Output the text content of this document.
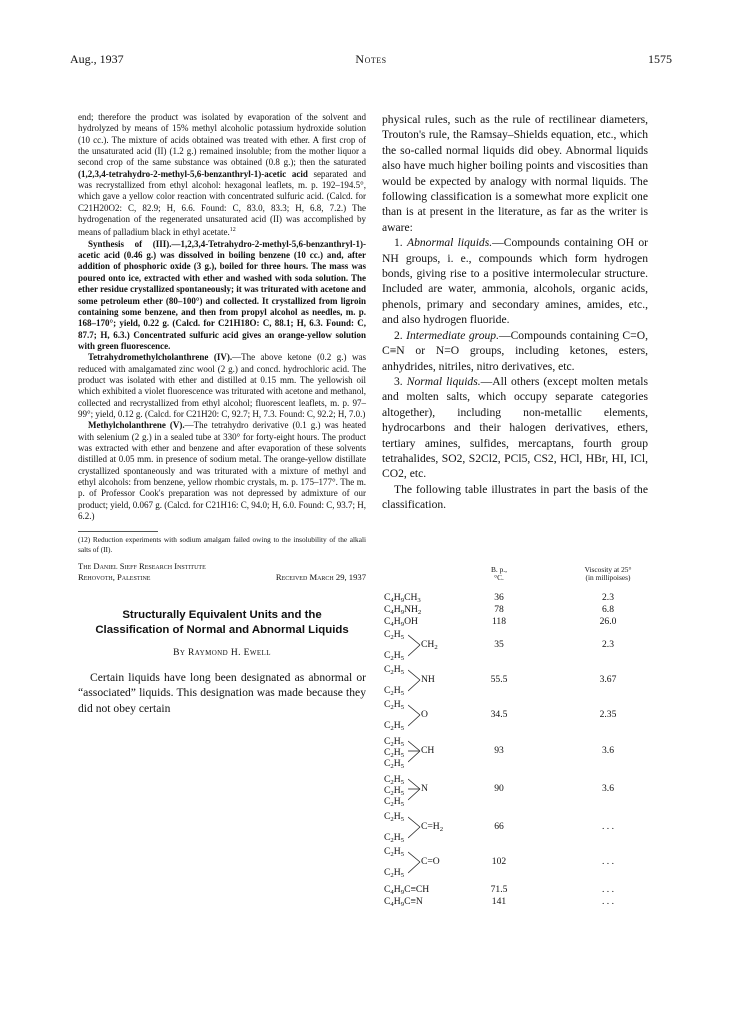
Aug., 1937	Notes	1575

end; therefore the product was isolated by evaporation of the solvent and hydrolyzed by means of 15% methyl alcoholic potassium hydroxide solution (10 cc.). The mixture of acids obtained was treated with ether. A first crop of the unsaturated acid (II) (1.2 g.) remained insoluble; from the mother liquor a second crop of the same substance was obtained (0.8 g.); then the saturated (1,2,3,4-tetrahydro-2-methyl-5,6-benzanthryl-1)-acetic acid separated and was recrystallized from ethyl alcohol: hexagonal leaflets, m. p. 192–194.5°, which gave a yellow color reaction with concentrated sulfuric acid. (Calcd. for C21H20O2: C, 82.9; H, 6.6. Found: C, 83.0, 83.3; H, 6.8, 7.2.) The hydrogenation of the regenerated unsaturated acid (II) was accomplished by means of palladium black in ethyl acetate.$^{12}$

Synthesis of (III).—1,2,3,4-Tetrahydro-2-methyl-5,6-benzanthryl-1)-acetic acid (0.46 g.) was dissolved in boiling benzene (10 cc.) and, after addition of phosphoric oxide (3 g.), boiled for three hours. The mass was poured onto ice, extracted with ether and washed with soda solution. The ether residue crystallized spontaneously; it was triturated with acetone and some petroleum ether (80–100°) and collected. It crystallized from ligroin containing some benzene, and then from propyl alcohol as needles, m. p. 168–170°; yield, 0.22 g. (Calcd. for C21H18O: C, 88.1; H, 6.3. Found: C, 87.7; H, 6.3.) Concentrated sulfuric acid gives an orange-yellow solution with green fluorescence.

Tetrahydromethylcholanthrene (IV).—The above ketone (0.2 g.) was reduced with amalgamated zinc wool (2 g.) and concd. hydrochloric acid. The product was isolated with ether and distilled at 0.15 mm. The yellowish oil which exhibited a violet fluorescence was triturated with acetone and methanol, collected and recrystallized from ethyl alcohol; fluorescent leaflets, m. p. 97–99°; yield, 0.12 g. (Calcd. for C21H20: C, 92.7; H, 7.3. Found: C, 92.2; H, 7.0.)

Methylcholanthrene (V).—The tetrahydro derivative (0.1 g.) was heated with selenium (2 g.) in a sealed tube at 330° for forty-eight hours. The product was extracted with ether and benzene and after evaporation of these solvents distilled at 0.05 mm. in presence of sodium metal. The orange-yellow distillate crystallized spontaneously and was triturated with a mixture of methyl and ethyl alcohols: from benzene, yellow rhombic crystals, m. p. 175–177°. The m. p. of Professor Cook's preparation was not depressed by admixture of our product; yield, 0.067 g. (Calcd. for C21H16: C, 94.0; H, 6.0. Found: C, 93.7; H, 6.2.)

(12) Reduction experiments with sodium amalgam failed owing to the insolubility of the alkali salts of (II).
The Daniel Sieff Research Institute
Rehovoth, Palestine	Received March 29, 1937
Structurally Equivalent Units and the
Classification of Normal and Abnormal Liquids
By Raymond H. Ewell

Certain liquids have long been designated as abnormal or “associated” liquids. This designation was made because they did not obey certain

physical rules, such as the rule of rectilinear diameters, Trouton's rule, the Ramsay–Shields equation, etc., which the so-called normal liquids did obey. Abnormal liquids also have much higher boiling points and viscosities than would be expected by analogy with normal liquids. The following classification is a somewhat more explicit one than is at present in the literature, as far as the writer is aware:

1. Abnormal liquids.—Compounds containing OH or NH groups, i. e., compounds which form hydrogen bonds, giving rise to a positive intermolecular structure. Included are water, ammonia, alcohols, organic acids, phenols, primary and secondary amines, amides, etc., and also hydrogen fluoride.

2. Intermediate group.—Compounds containing C=O, C≡N or N=O groups, including ketones, esters, anhydrides, nitriles, nitro derivatives, etc.

3. Normal liquids.—All others (except molten metals and molten salts, which occupy separate categories altogether), including non-metallic elements, hydrocarbons and their halogen derivatives, ethers, tertiary amines, sulfides, mercaptans, fourth group tetrahalides, SO2, S2Cl2, PCl5, CS2, HCl, HBr, HI, ICl, CO2, etc.

The following table illustrates in part the basis of the classification.

B. p.,
°C.
Viscosity at 25°
(in millipoises)
$C_4H_9CH_3$	36	2.3
$C_4H_9NH_2$	78	6.8
$C_4H_9OH$	118	26.0
$C_2H_5$
$C_2H_5$
$CH_2$	35	2.3
$C_2H_5$
$C_2H_5$
NH	55.5	3.67
$C_2H_5$
$C_2H_5$
O	34.5	2.35
$C_2H_5$
$C_2H_5$
$C_2H_5$
CH	93	3.6
$C_2H_5$
$C_2H_5$
$C_2H_5$
N	90	3.6
$C_2H_5$
$C_2H_5$
$C=H_2$	66	. . .
$C_2H_5$
$C_2H_5$
C=O	102	. . .
$C_4H_9C\equiv CH$	71.5	. . .
$C_4H_9C\equiv N$	141	. . .
